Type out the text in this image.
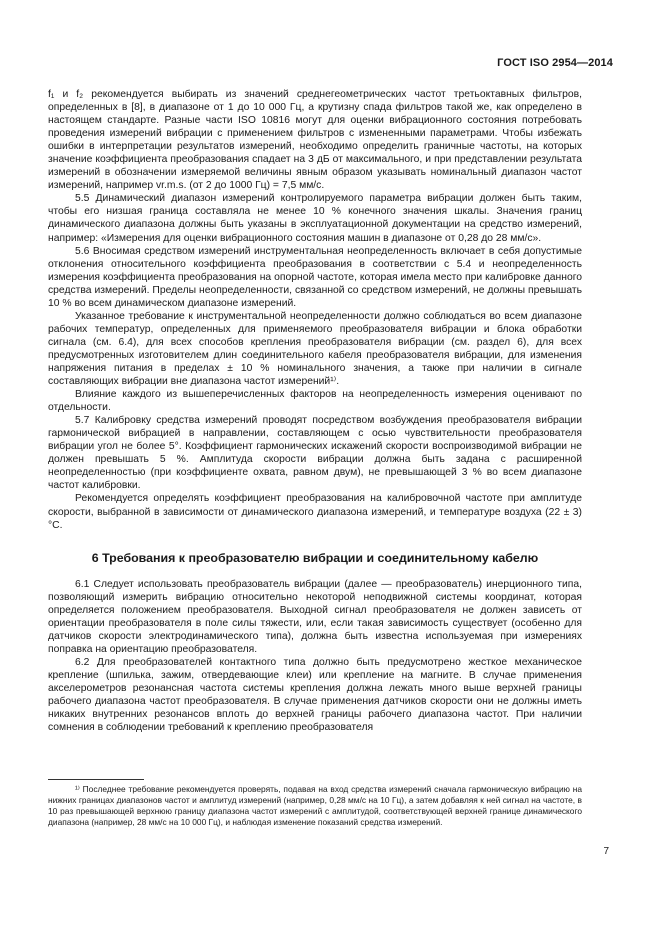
ГОСТ ISO 2954—2014

f₁ и f₂ рекомендуется выбирать из значений среднегеометрических частот третьоктавных фильтров, определенных в [8], в диапазоне от 1 до 10 000 Гц, а крутизну спада фильтров такой же, как определено в настоящем стандарте. Разные части ISO 10816 могут для оценки вибрационного состояния потребовать проведения измерений вибрации с применением фильтров с измененными параметрами. Чтобы избежать ошибки в интерпретации результатов измерений, необходимо определить граничные частоты, на которых значение коэффициента преобразования спадает на 3 дБ от максимального, и при представлении результата измерений в обозначении измеряемой величины явным образом указывать номинальный диапазон частот измерений, например vr.m.s. (от 2 до 1000 Гц) = 7,5 мм/с.

5.5 Динамический диапазон измерений контролируемого параметра вибрации должен быть таким, чтобы его низшая граница составляла не менее 10 % конечного значения шкалы. Значения границ динамического диапазона должны быть указаны в эксплуатационной документации на средство измерений, например: «Измерения для оценки вибрационного состояния машин в диапазоне от 0,28 до 28 мм/с».

5.6 Вносимая средством измерений инструментальная неопределенность включает в себя допустимые отклонения относительного коэффициента преобразования в соответствии с 5.4 и неопределенность измерения коэффициента преобразования на опорной частоте, которая имела место при калибровке данного средства измерений. Пределы неопределенности, связанной со средством измерений, не должны превышать 10 % во всем динамическом диапазоне измерений.

Указанное требование к инструментальной неопределенности должно соблюдаться во всем диапазоне рабочих температур, определенных для применяемого преобразователя вибрации и блока обработки сигнала (см. 6.4), для всех способов крепления преобразователя вибрации (см. раздел 6), для всех предусмотренных изготовителем длин соединительного кабеля преобразователя вибрации, для изменения напряжения питания в пределах ± 10 % номинального значения, а также при наличии в сигнале составляющих вибрации вне диапазона частот измерений¹⁾.

Влияние каждого из вышеперечисленных факторов на неопределенность измерения оценивают по отдельности.

5.7 Калибровку средства измерений проводят посредством возбуждения преобразователя вибрации гармонической вибрацией в направлении, составляющем с осью чувствительности преобразователя вибрации угол не более 5°. Коэффициент гармонических искажений скорости воспроизводимой вибрации не должен превышать 5 %. Амплитуда скорости вибрации должна быть задана с расширенной неопределенностью (при коэффициенте охвата, равном двум), не превышающей 3 % во всем диапазоне частот калибровки.

Рекомендуется определять коэффициент преобразования на калибровочной частоте при амплитуде скорости, выбранной в зависимости от динамического диапазона измерений, и температуре воздуха (22 ± 3) °С.

6 Требования к преобразователю вибрации и соединительному кабелю

6.1 Следует использовать преобразователь вибрации (далее — преобразователь) инерционного типа, позволяющий измерить вибрацию относительно некоторой неподвижной системы координат, которая определяется положением преобразователя. Выходной сигнал преобразователя не должен зависеть от ориентации преобразователя в поле силы тяжести, или, если такая зависимость существует (особенно для датчиков скорости электродинамического типа), должна быть известна используемая при измерениях поправка на ориентацию преобразователя.

6.2 Для преобразователей контактного типа должно быть предусмотрено жесткое механическое крепление (шпилька, зажим, отвердевающие клеи) или крепление на магните. В случае применения акселерометров резонансная частота системы крепления должна лежать много выше верхней границы рабочего диапазона частот преобразователя. В случае применения датчиков скорости они не должны иметь никаких внутренних резонансов вплоть до верхней границы рабочего диапазона частот. При наличии сомнения в соблюдении требований к креплению преобразователя

¹⁾ Последнее требование рекомендуется проверять, подавая на вход средства измерений сначала гармоническую вибрацию на нижних границах диапазонов частот и амплитуд измерений (например, 0,28 мм/с на 10 Гц), а затем добавляя к ней сигнал на частоте, в 10 раз превышающей верхнюю границу диапазона частот измерений с амплитудой, соответствующей верхней границе динамического диапазона (например, 28 мм/с на 10 000 Гц), и наблюдая изменение показаний средства измерений.
7
